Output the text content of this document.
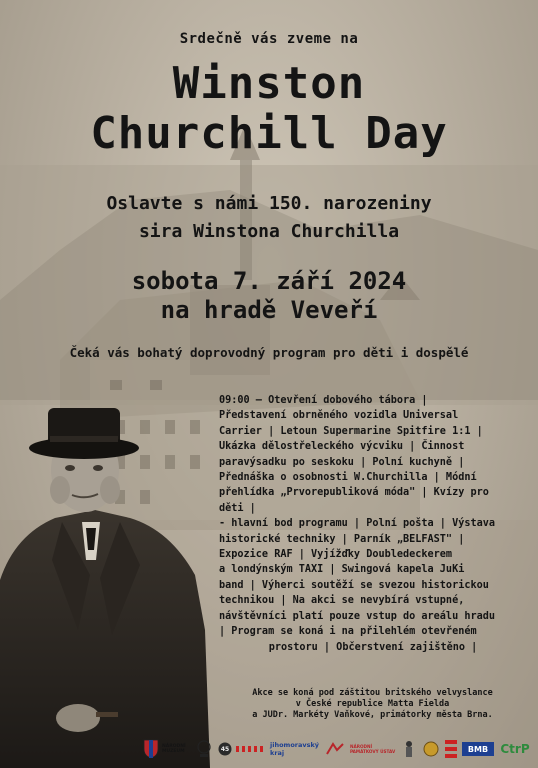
Srdečně vás zveme na
Winston
Churchill Day
Oslavte s námi 150. narozeniny
sira Winstona Churchilla
sobota 7. září 2024
na hradě Veveří
Čeká vás bohatý doprovodný program pro děti i dospělé
09:00 – Otevření dobového tábora |
Představení obrněného vozidla Universal
Carrier | Letoun Supermarine Spitfire 1:1 |
Ukázka dělostřeleckého výcviku | Činnost
paravýsadku po seskoku | Polní kuchyně |
Přednáška o osobnosti W.Churchilla | Módní
přehlídka „Prvorepubliková móda" | Kvízy pro
děti |
- hlavní bod programu | Polní pošta | Výstava
historické techniky | Parník „BELFAST" |
Expozice RAF | Vyjížďky Doubledeckerem
a londýnským TAXI | Swingová kapela JuKi
band | Výherci soutěží se svezou historickou
technikou | Na akci se nevybírá vstupné,
návštěvníci platí pouze vstup do areálu hradu
| Program se koná i na přilehlém otevřeném
prostoru | Občerstvení zajištěno |
Akce se koná pod záštitou britského velvyslance
v České republice Matta Fielda
a JUDr. Markéty Vaňkové, primátorky města Brna.
NÁRODNÍ MUZEUM	45	jihomoravský kraj
NÁRODNÍ PAMÁTKOVÝ ÚSTAV	BMB CtrP
